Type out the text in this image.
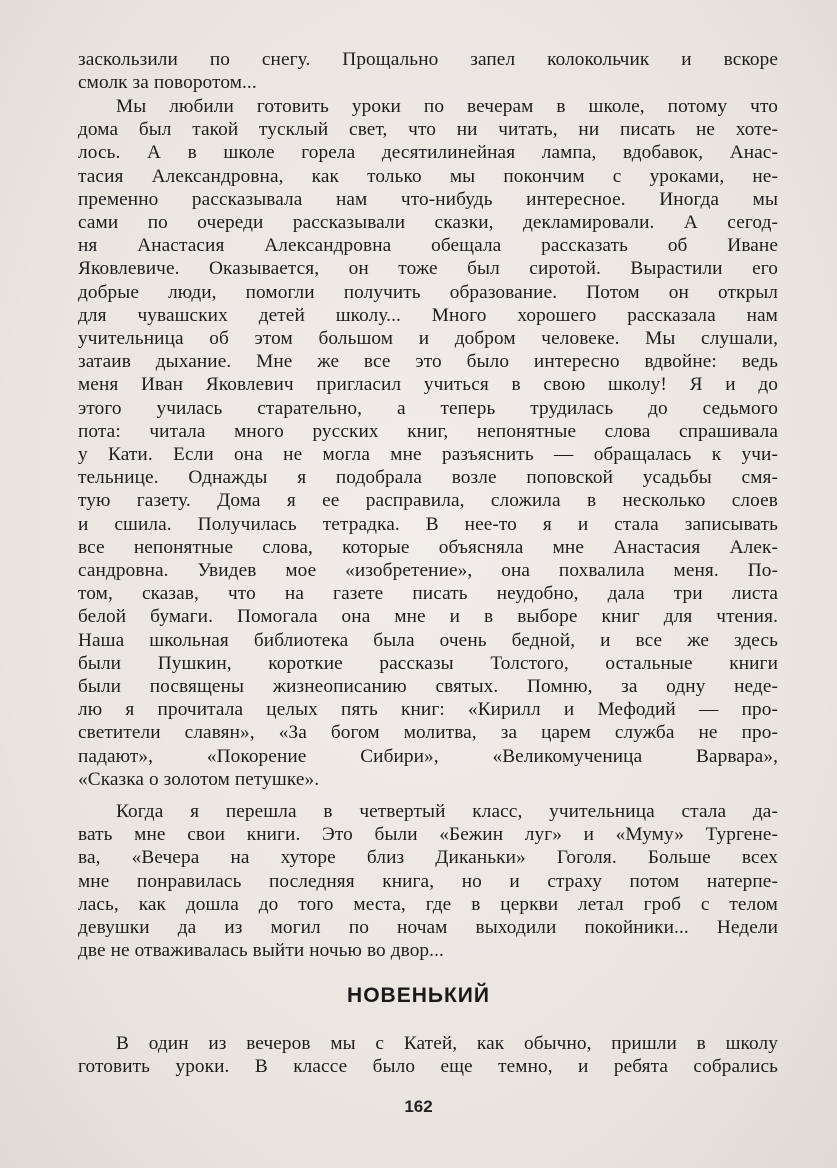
заскользили по снегу. Прощально запел колокольчик и вскоре
смолк за поворотом...
Мы любили готовить уроки по вечерам в школе, потому что
дома был такой тусклый свет, что ни читать, ни писать не хоте-
лось. А в школе горела десятилинейная лампа, вдобавок, Анас-
тасия Александровна, как только мы покончим с уроками, не-
пременно рассказывала нам что-нибудь интересное. Иногда мы
сами по очереди рассказывали сказки, декламировали. А сегод-
ня Анастасия Александровна обещала рассказать об Иване
Яковлевиче. Оказывается, он тоже был сиротой. Вырастили его
добрые люди, помогли получить образование. Потом он открыл
для чувашских детей школу... Много хорошего рассказала нам
учительница об этом большом и добром человеке. Мы слушали,
затаив дыхание. Мне же все это было интересно вдвойне: ведь
меня Иван Яковлевич пригласил учиться в свою школу! Я и до
этого училась старательно, а теперь трудилась до седьмого
пота: читала много русских книг, непонятные слова спрашивала
у Кати. Если она не могла мне разъяснить — обращалась к учи-
тельнице. Однажды я подобрала возле поповской усадьбы смя-
тую газету. Дома я ее расправила, сложила в несколько слоев
и сшила. Получилась тетрадка. В нее-то я и стала записывать
все непонятные слова, которые объясняла мне Анастасия Алек-
сандровна. Увидев мое «изобретение», она похвалила меня. По-
том, сказав, что на газете писать неудобно, дала три листа
белой бумаги. Помогала она мне и в выборе книг для чтения.
Наша школьная библиотека была очень бедной, и все же здесь
были Пушкин, короткие рассказы Толстого, остальные книги
были посвящены жизнеописанию святых. Помню, за одну неде-
лю я прочитала целых пять книг: «Кирилл и Мефодий — про-
светители славян», «За богом молитва, за царем служба не про-
падают», «Покорение Сибири», «Великомученица Варвара»,
«Сказка о золотом петушке».
Когда я перешла в четвертый класс, учительница стала да-
вать мне свои книги. Это были «Бежин луг» и «Муму» Тургене-
ва, «Вечера на хуторе близ Диканьки» Гоголя. Больше всех
мне понравилась последняя книга, но и страху потом натерпе-
лась, как дошла до того места, где в церкви летал гроб с телом
девушки да из могил по ночам выходили покойники... Недели
две не отваживалась выйти ночью во двор...
НОВЕНЬКИЙ
В один из вечеров мы с Катей, как обычно, пришли в школу
готовить уроки. В классе было еще темно, и ребята собрались
162
